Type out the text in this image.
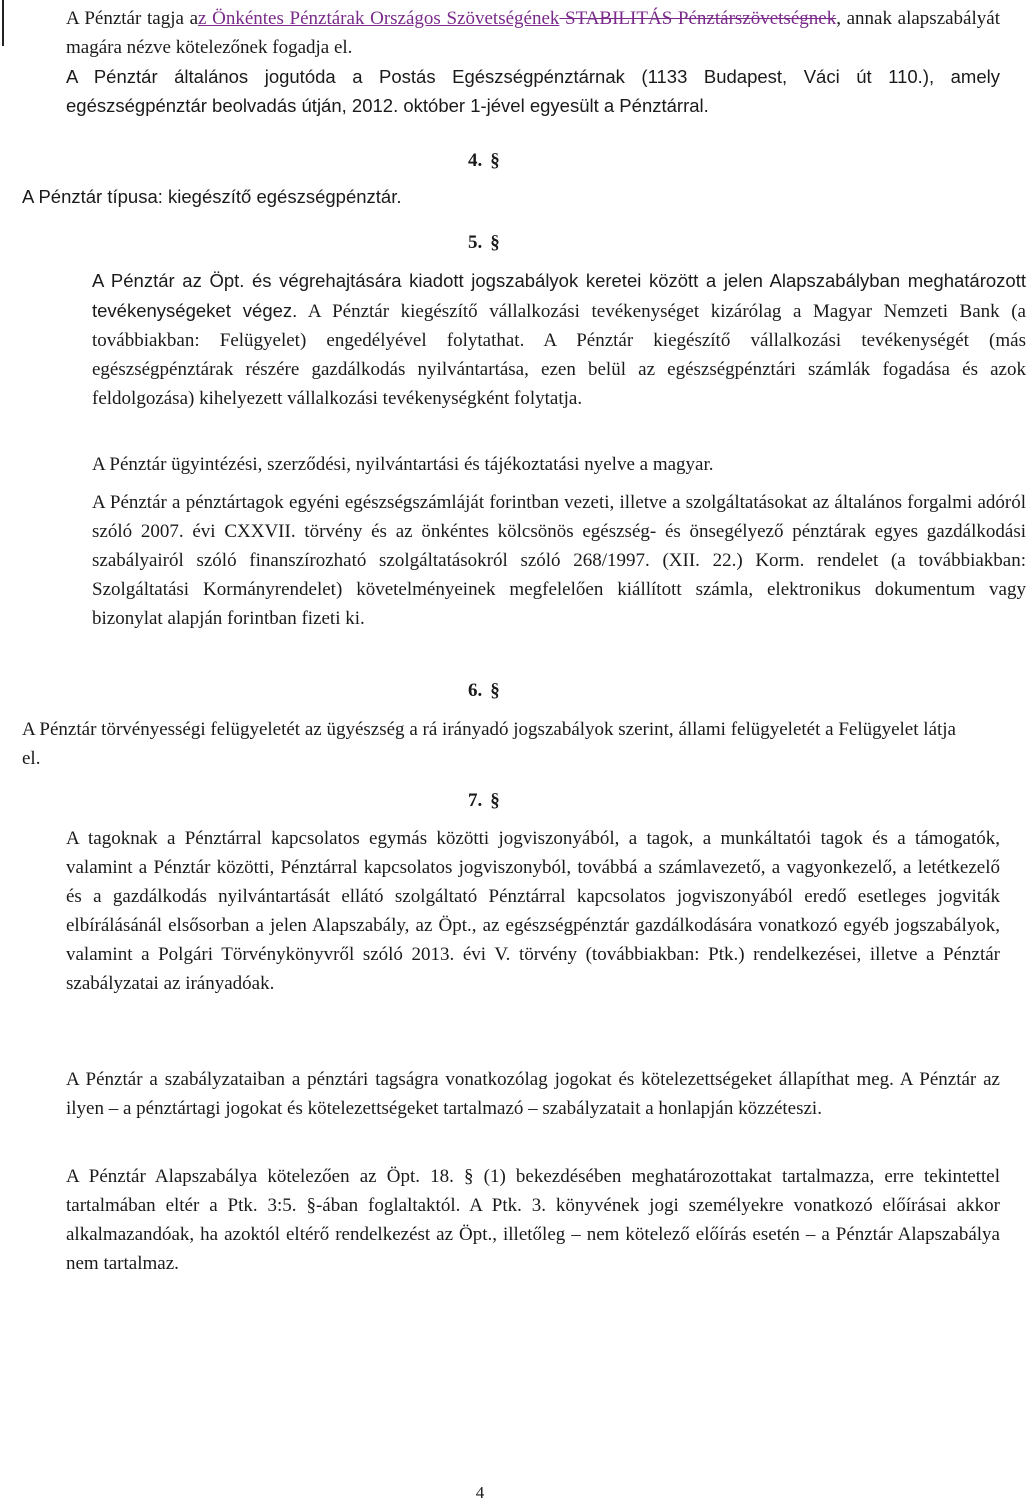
A Pénztár tagja az Önkéntes Pénztárak Országos Szövetségének STABILITÁS Pénztárszövetségnek, annak alapszabályát magára nézve kötelezőnek fogadja el.

A Pénztár általános jogutóda a Postás Egészségpénztárnak (1133 Budapest, Váci út 110.), amely egészségpénztár beolvadás útján, 2012. október 1-jével egyesült a Pénztárral.

4. §

A Pénztár típusa: kiegészítő egészségpénztár.

5. §

A Pénztár az Öpt. és végrehajtására kiadott jogszabályok keretei között a jelen Alapszabályban meghatározott tevékenységeket végez. A Pénztár kiegészítő vállalkozási tevékenységet kizárólag a Magyar Nemzeti Bank (a továbbiakban: Felügyelet) engedélyével folytathat. A Pénztár kiegészítő vállalkozási tevékenységét (más egészségpénztárak részére gazdálkodás nyilvántartása, ezen belül az egészségpénztári számlák fogadása és azok feldolgozása) kihelyezett vállalkozási tevékenységként folytatja.

A Pénztár ügyintézési, szerződési, nyilvántartási és tájékoztatási nyelve a magyar.

A Pénztár a pénztártagok egyéni egészségszámláját forintban vezeti, illetve a szolgáltatásokat az általános forgalmi adóról szóló 2007. évi CXXVII. törvény és az önkéntes kölcsönös egészség- és önsegélyező pénztárak egyes gazdálkodási szabályairól szóló finanszírozható szolgáltatásokról szóló 268/1997. (XII. 22.) Korm. rendelet (a továbbiakban: Szolgáltatási Kormányrendelet) követelményeinek megfelelően kiállított számla, elektronikus dokumentum vagy bizonylat alapján forintban fizeti ki.

6. §

A Pénztár törvényességi felügyeletét az ügyészség a rá irányadó jogszabályok szerint, állami felügyeletét a Felügyelet látja el.

7. §

A tagoknak a Pénztárral kapcsolatos egymás közötti jogviszonyából, a tagok, a munkáltatói tagok és a támogatók, valamint a Pénztár közötti, Pénztárral kapcsolatos jogviszonyból, továbbá a számlavezető, a vagyonkezelő, a letétkezelő és a gazdálkodás nyilvántartását ellátó szolgáltató Pénztárral kapcsolatos jogviszonyából eredő esetleges jogviták elbírálásánál elsősorban a jelen Alapszabály, az Öpt., az egészségpénztár gazdálkodására vonatkozó egyéb jogszabályok, valamint a Polgári Törvénykönyvről szóló 2013. évi V. törvény (továbbiakban: Ptk.) rendelkezései, illetve a Pénztár szabályzatai az irányadóak.

A Pénztár a szabályzataiban a pénztári tagságra vonatkozólag jogokat és kötelezettségeket állapíthat meg. A Pénztár az ilyen – a pénztártagi jogokat és kötelezettségeket tartalmazó – szabályzatait a honlapján közzéteszi.

A Pénztár Alapszabálya kötelezően az Öpt. 18. § (1) bekezdésében meghatározottakat tartalmazza, erre tekintettel tartalmában eltér a Ptk. 3:5. §-ában foglaltaktól. A Ptk. 3. könyvének jogi személyekre vonatkozó előírásai akkor alkalmazandóak, ha azoktól eltérő rendelkezést az Öpt., illetőleg – nem kötelező előírás esetén – a Pénztár Alapszabálya nem tartalmaz.

4
